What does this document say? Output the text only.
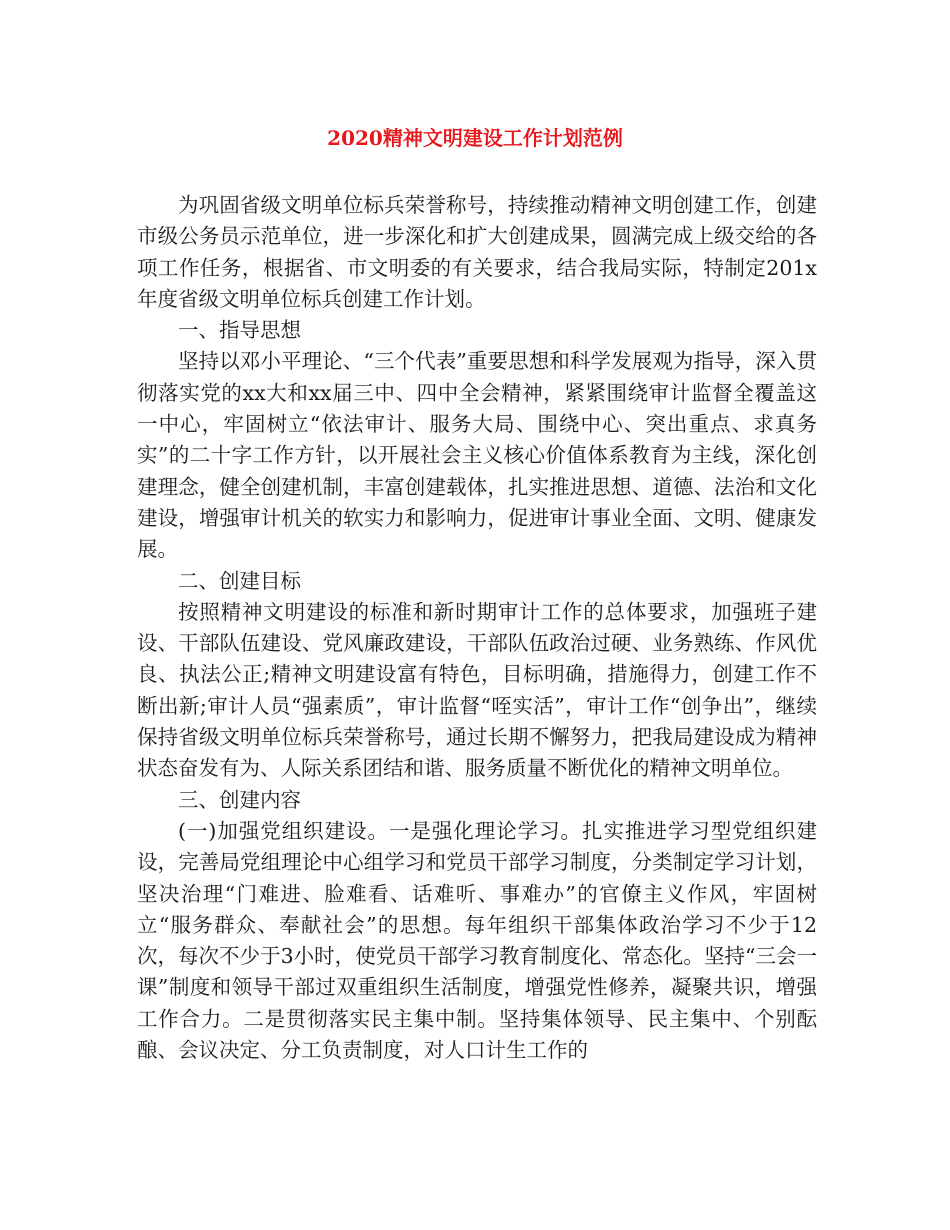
2020精神文明建设工作计划范例

为巩固省级文明单位标兵荣誉称号，持续推动精神文明创建工作，创建市级公务员示范单位，进一步深化和扩大创建成果，圆满完成上级交给的各项工作任务，根据省、市文明委的有关要求，结合我局实际，特制定201x年度省级文明单位标兵创建工作计划。

一、指导思想

坚持以邓小平理论、“三个代表”重要思想和科学发展观为指导，深入贯彻落实党的xx大和xx届三中、四中全会精神，紧紧围绕审计监督全覆盖这一中心，牢固树立“依法审计、服务大局、围绕中心、突出重点、求真务实”的二十字工作方针，以开展社会主义核心价值体系教育为主线，深化创建理念，健全创建机制，丰富创建载体，扎实推进思想、道德、法治和文化建设，增强审计机关的软实力和影响力，促进审计事业全面、文明、健康发展。

二、创建目标

按照精神文明建设的标准和新时期审计工作的总体要求，加强班子建设、干部队伍建设、党风廉政建设，干部队伍政治过硬、业务熟练、作风优良、执法公正;精神文明建设富有特色，目标明确，措施得力，创建工作不断出新;审计人员“强素质”，审计监督“咥实活”，审计工作“创争出”，继续保持省级文明单位标兵荣誉称号，通过长期不懈努力，把我局建设成为精神状态奋发有为、人际关系团结和谐、服务质量不断优化的精神文明单位。

三、创建内容

(一)加强党组织建设。一是强化理论学习。扎实推进学习型党组织建设，完善局党组理论中心组学习和党员干部学习制度，分类制定学习计划，坚决治理“门难进、脸难看、话难听、事难办”的官僚主义作风，牢固树立“服务群众、奉献社会”的思想。每年组织干部集体政治学习不少于12次，每次不少于3小时，使党员干部学习教育制度化、常态化。坚持“三会一课”制度和领导干部过双重组织生活制度，增强党性修养，凝聚共识，增强工作合力。二是贯彻落实民主集中制。坚持集体领导、民主集中、个别酝酿、会议决定、分工负责制度，对人口计生工作的
